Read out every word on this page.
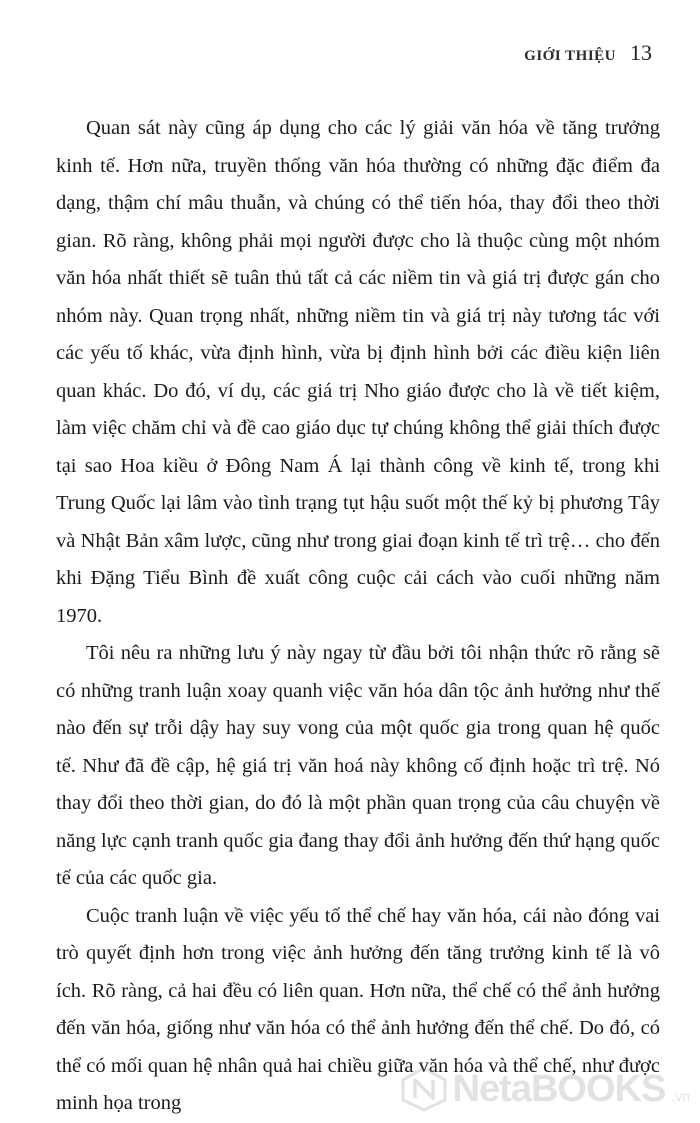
GIỚI THIỆU 13

Quan sát này cũng áp dụng cho các lý giải văn hóa về tăng trưởng kinh tế. Hơn nữa, truyền thống văn hóa thường có những đặc điểm đa dạng, thậm chí mâu thuẫn, và chúng có thể tiến hóa, thay đổi theo thời gian. Rõ ràng, không phải mọi người được cho là thuộc cùng một nhóm văn hóa nhất thiết sẽ tuân thủ tất cả các niềm tin và giá trị được gán cho nhóm này. Quan trọng nhất, những niềm tin và giá trị này tương tác với các yếu tố khác, vừa định hình, vừa bị định hình bởi các điều kiện liên quan khác. Do đó, ví dụ, các giá trị Nho giáo được cho là về tiết kiệm, làm việc chăm chỉ và đề cao giáo dục tự chúng không thể giải thích được tại sao Hoa kiều ở Đông Nam Á lại thành công về kinh tế, trong khi Trung Quốc lại lâm vào tình trạng tụt hậu suốt một thế kỷ bị phương Tây và Nhật Bản xâm lược, cũng như trong giai đoạn kinh tế trì trệ… cho đến khi Đặng Tiểu Bình đề xuất công cuộc cải cách vào cuối những năm 1970.

Tôi nêu ra những lưu ý này ngay từ đầu bởi tôi nhận thức rõ rằng sẽ có những tranh luận xoay quanh việc văn hóa dân tộc ảnh hưởng như thế nào đến sự trỗi dậy hay suy vong của một quốc gia trong quan hệ quốc tế. Như đã đề cập, hệ giá trị văn hoá này không cố định hoặc trì trệ. Nó thay đổi theo thời gian, do đó là một phần quan trọng của câu chuyện về năng lực cạnh tranh quốc gia đang thay đổi ảnh hưởng đến thứ hạng quốc tế của các quốc gia.

Cuộc tranh luận về việc yếu tố thể chế hay văn hóa, cái nào đóng vai trò quyết định hơn trong việc ảnh hưởng đến tăng trưởng kinh tế là vô ích. Rõ ràng, cả hai đều có liên quan. Hơn nữa, thể chế có thể ảnh hưởng đến văn hóa, giống như văn hóa có thể ảnh hưởng đến thể chế. Do đó, có thể có mối quan hệ nhân quả hai chiều giữa văn hóa và thể chế, như được minh họa trong	NetaBOOKS .vn
